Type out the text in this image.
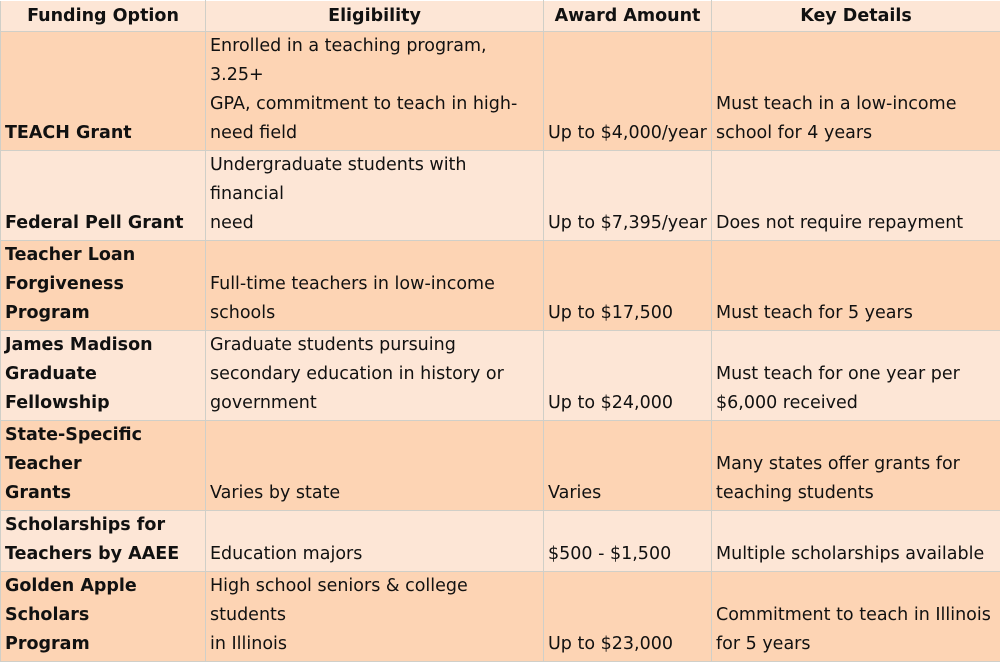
Funding Option	Eligibility	Award Amount	Key Details

TEACH Grant	Enrolled in a teaching program, 3.25+
GPA, commitment to teach in high-
need field	Up to $4,000/year	Must teach in a low-income
school for 4 years

Federal Pell Grant	Undergraduate students with financial
need	Up to $7,395/year	Does not require repayment

Teacher Loan
Forgiveness Program	Full-time teachers in low-income
schools	Up to $17,500	Must teach for 5 years

James Madison
Graduate Fellowship	Graduate students pursuing
secondary education in history or
government	Up to $24,000	Must teach for one year per
$6,000 received

State-Specific Teacher
Grants	Varies by state	Varies	Many states offer grants for
teaching students

Scholarships for
Teachers by AAEE	Education majors	$500 - $1,500	Multiple scholarships available

Golden Apple Scholars
Program	High school seniors & college students
in Illinois	Up to $23,000	Commitment to teach in Illinois
for 5 years
